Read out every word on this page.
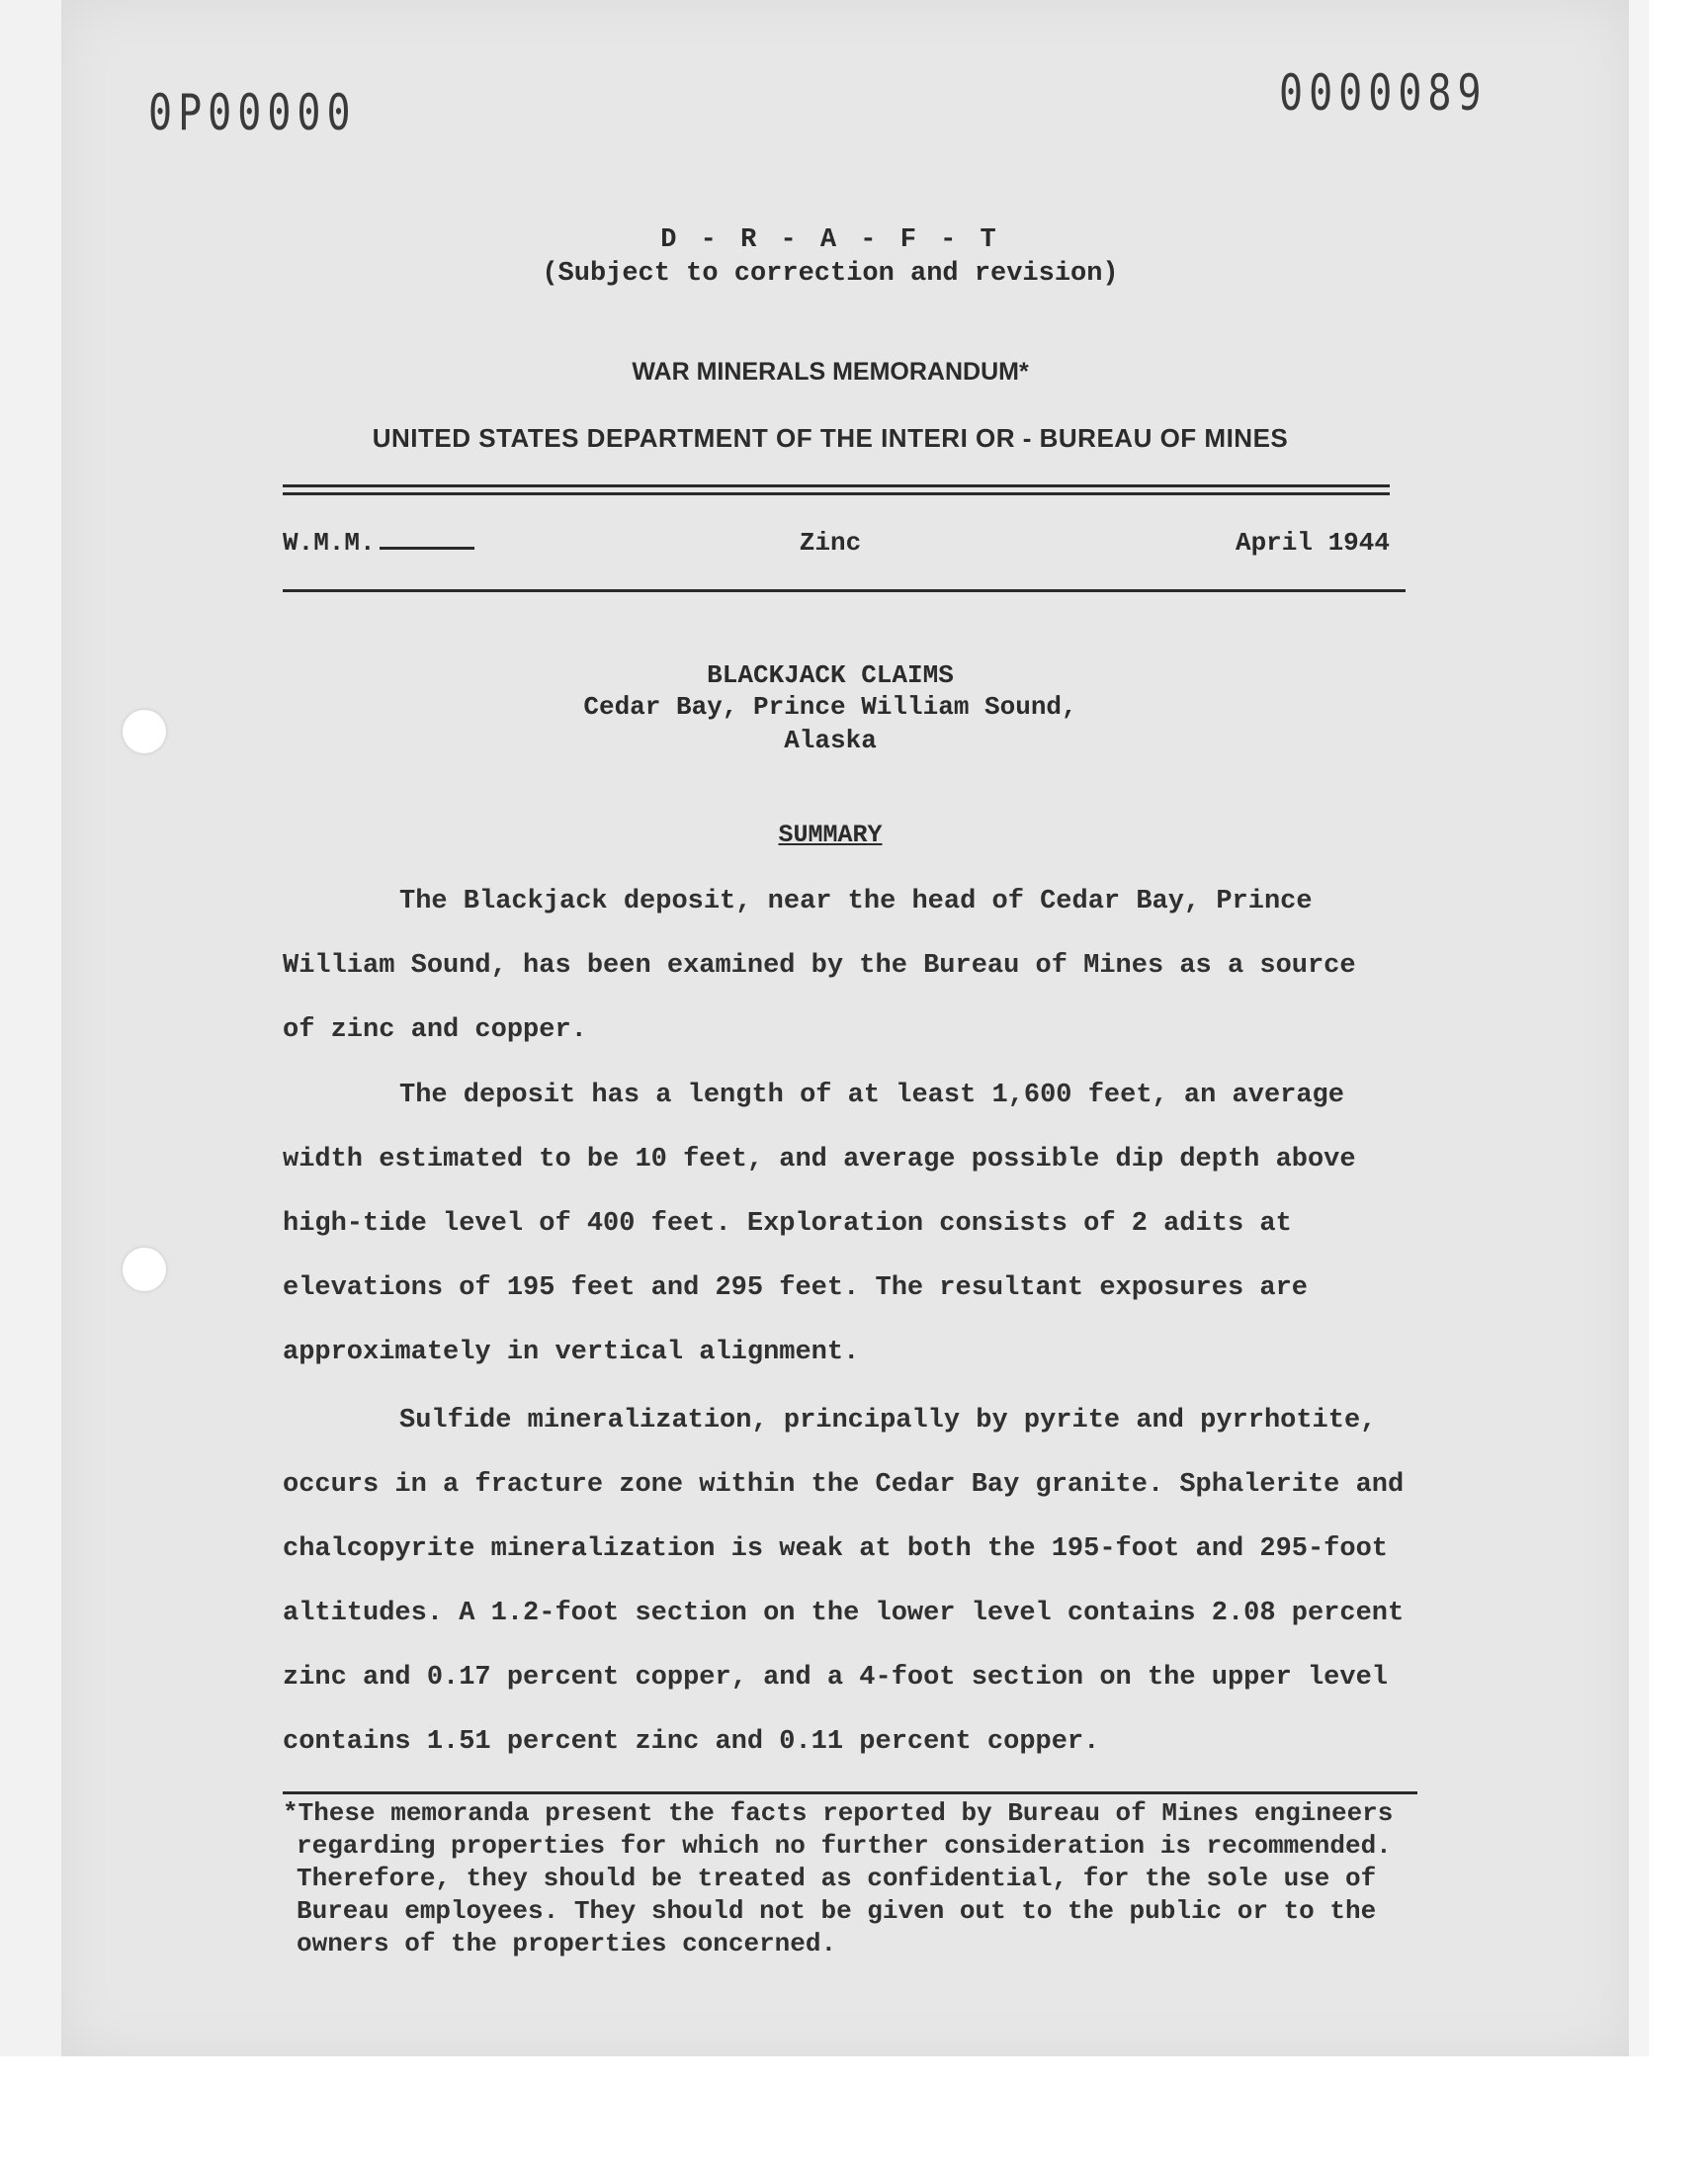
0P00000	0000089
D - R - A - F - T
(Subject to correction and revision)
WAR MINERALS MEMORANDUM*
UNITED STATES DEPARTMENT OF THE INTERI OR - BUREAU OF MINES
W.M.M.	Zinc	April 1944
BLACKJACK CLAIMS
Cedar Bay, Prince William Sound,
Alaska
SUMMARY

The Blackjack deposit, near the head of Cedar Bay, Prince

William Sound, has been examined by the Bureau of Mines as a source

of zinc and copper.

The deposit has a length of at least 1,600 feet, an average

width estimated to be 10 feet, and average possible dip depth above

high-tide level of 400 feet. Exploration consists of 2 adits at

elevations of 195 feet and 295 feet. The resultant exposures are

approximately in vertical alignment.

Sulfide mineralization, principally by pyrite and pyrrhotite,

occurs in a fracture zone within the Cedar Bay granite. Sphalerite and

chalcopyrite mineralization is weak at both the 195-foot and 295-foot

altitudes. A 1.2-foot section on the lower level contains 2.08 percent

zinc and 0.17 percent copper, and a 4-foot section on the upper level

contains 1.51 percent zinc and 0.11 percent copper.

*These memoranda present the facts reported by Bureau of Mines engineers

regarding properties for which no further consideration is recommended.

Therefore, they should be treated as confidential, for the sole use of

Bureau employees. They should not be given out to the public or to the

owners of the properties concerned.
